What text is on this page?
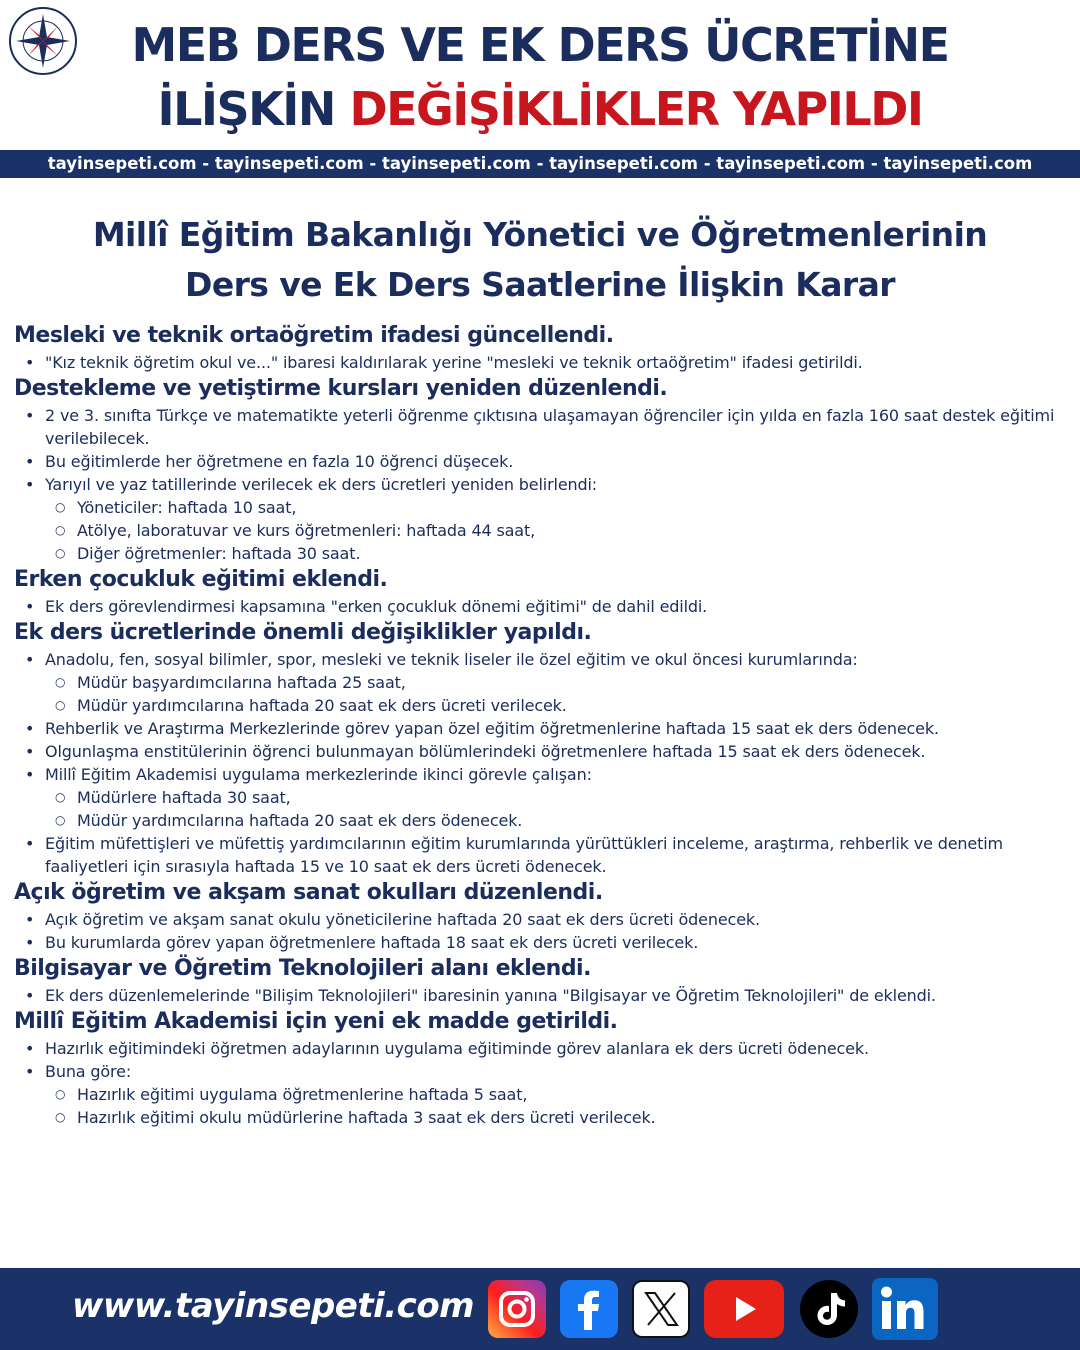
MEB DERS VE EK DERS ÜCRETİNE
İLİŞKİN DEĞİŞİKLİKLER YAPILDI
tayinsepeti.com - tayinsepeti.com - tayinsepeti.com - tayinsepeti.com - tayinsepeti.com - tayinsepeti.com
Millî Eğitim Bakanlığı Yönetici ve Öğretmenlerinin
Ders ve Ek Ders Saatlerine İlişkin Karar
Mesleki ve teknik ortaöğretim ifadesi güncellendi.
• "Kız teknik öğretim okul ve..." ibaresi kaldırılarak yerine "mesleki ve teknik ortaöğretim" ifadesi getirildi.
Destekleme ve yetiştirme kursları yeniden düzenlendi.
• 2 ve 3. sınıfta Türkçe ve matematikte yeterli öğrenme çıktısına ulaşamayan öğrenciler için yılda en fazla 160 saat destek eğitimi verilebilecek.
• Bu eğitimlerde her öğretmene en fazla 10 öğrenci düşecek.
• Yarıyıl ve yaz tatillerinde verilecek ek ders ücretleri yeniden belirlendi:
○ Yöneticiler: haftada 10 saat,
○ Atölye, laboratuvar ve kurs öğretmenleri: haftada 44 saat,
○ Diğer öğretmenler: haftada 30 saat.
Erken çocukluk eğitimi eklendi.
• Ek ders görevlendirmesi kapsamına "erken çocukluk dönemi eğitimi" de dahil edildi.
Ek ders ücretlerinde önemli değişiklikler yapıldı.
• Anadolu, fen, sosyal bilimler, spor, mesleki ve teknik liseler ile özel eğitim ve okul öncesi kurumlarında:
○ Müdür başyardımcılarına haftada 25 saat,
○ Müdür yardımcılarına haftada 20 saat ek ders ücreti verilecek.
• Rehberlik ve Araştırma Merkezlerinde görev yapan özel eğitim öğretmenlerine haftada 15 saat ek ders ödenecek.
• Olgunlaşma enstitülerinin öğrenci bulunmayan bölümlerindeki öğretmenlere haftada 15 saat ek ders ödenecek.
• Millî Eğitim Akademisi uygulama merkezlerinde ikinci görevle çalışan:
○ Müdürlere haftada 30 saat,
○ Müdür yardımcılarına haftada 20 saat ek ders ödenecek.
• Eğitim müfettişleri ve müfettiş yardımcılarının eğitim kurumlarında yürüttükleri inceleme, araştırma, rehberlik ve denetim faaliyetleri için sırasıyla haftada 15 ve 10 saat ek ders ücreti ödenecek.
Açık öğretim ve akşam sanat okulları düzenlendi.
• Açık öğretim ve akşam sanat okulu yöneticilerine haftada 20 saat ek ders ücreti ödenecek.
• Bu kurumlarda görev yapan öğretmenlere haftada 18 saat ek ders ücreti verilecek.
Bilgisayar ve Öğretim Teknolojileri alanı eklendi.
• Ek ders düzenlemelerinde "Bilişim Teknolojileri" ibaresinin yanına "Bilgisayar ve Öğretim Teknolojileri" de eklendi.
Millî Eğitim Akademisi için yeni ek madde getirildi.
• Hazırlık eğitimindeki öğretmen adaylarının uygulama eğitiminde görev alanlara ek ders ücreti ödenecek.
• Buna göre:
○ Hazırlık eğitimi uygulama öğretmenlerine haftada 5 saat,
○ Hazırlık eğitimi okulu müdürlerine haftada 3 saat ek ders ücreti verilecek.
www.tayinsepeti.com
